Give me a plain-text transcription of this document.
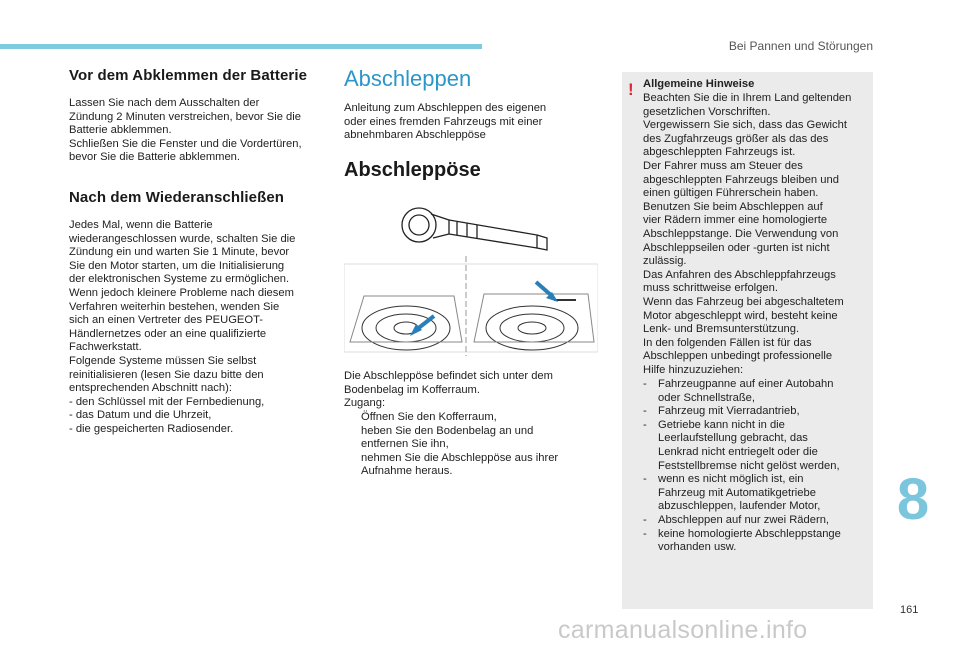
Bei Pannen und Störungen
Vor dem Abklemmen der Batterie
Lassen Sie nach dem Ausschalten der
Zündung 2 Minuten verstreichen, bevor Sie die
Batterie abklemmen.
Schließen Sie die Fenster und die Vordertüren,
bevor Sie die Batterie abklemmen.
Nach dem Wiederanschließen
Jedes Mal, wenn die Batterie
wiederangeschlossen wurde, schalten Sie die
Zündung ein und warten Sie 1 Minute, bevor
Sie den Motor starten, um die Initialisierung
der elektronischen Systeme zu ermöglichen.
Wenn jedoch kleinere Probleme nach diesem
Verfahren weiterhin bestehen, wenden Sie
sich an einen Vertreter des PEUGEOT-
Händlernetzes oder an eine qualifizierte
Fachwerkstatt.
Folgende Systeme müssen Sie selbst
reinitialisieren (lesen Sie dazu bitte den
entsprechenden Abschnitt nach):
- den Schlüssel mit der Fernbedienung,
- das Datum und die Uhrzeit,
- die gespeicherten Radiosender.
Abschleppen
Anleitung zum Abschleppen des eigenen
oder eines fremden Fahrzeugs mit einer
abnehmbaren Abschleppöse
Abschleppöse
Die Abschleppöse befindet sich unter dem
Bodenbelag im Kofferraum.
Zugang:
Öffnen Sie den Kofferraum,
heben Sie den Bodenbelag an und
entfernen Sie ihn,
nehmen Sie die Abschleppöse aus ihrer
Aufnahme heraus.
! Allgemeine Hinweise
Beachten Sie die in Ihrem Land geltenden
gesetzlichen Vorschriften.
Vergewissern Sie sich, dass das Gewicht
des Zugfahrzeugs größer als das des
abgeschleppten Fahrzeugs ist.
Der Fahrer muss am Steuer des
abgeschleppten Fahrzeugs bleiben und
einen gültigen Führerschein haben.
Benutzen Sie beim Abschleppen auf
vier Rädern immer eine homologierte
Abschleppstange. Die Verwendung von
Abschleppseilen oder -gurten ist nicht
zulässig.
Das Anfahren des Abschleppfahrzeugs
muss schrittweise erfolgen.
Wenn das Fahrzeug bei abgeschaltetem
Motor abgeschleppt wird, besteht keine
Lenk- und Bremsunterstützung.
In den folgenden Fällen ist für das
Abschleppen unbedingt professionelle
Hilfe hinzuzuziehen:
- Fahrzeugpanne auf einer Autobahn
oder Schnellstraße,
- Fahrzeug mit Vierradantrieb,
- Getriebe kann nicht in die
Leerlaufstellung gebracht, das
Lenkrad nicht entriegelt oder die
Feststellbremse nicht gelöst werden,
- wenn es nicht möglich ist, ein
Fahrzeug mit Automatikgetriebe
abzuschleppen, laufender Motor,
- Abschleppen auf nur zwei Rädern,
- keine homologierte Abschleppstange
vorhanden usw.
8
161
carmanualsonline.info
